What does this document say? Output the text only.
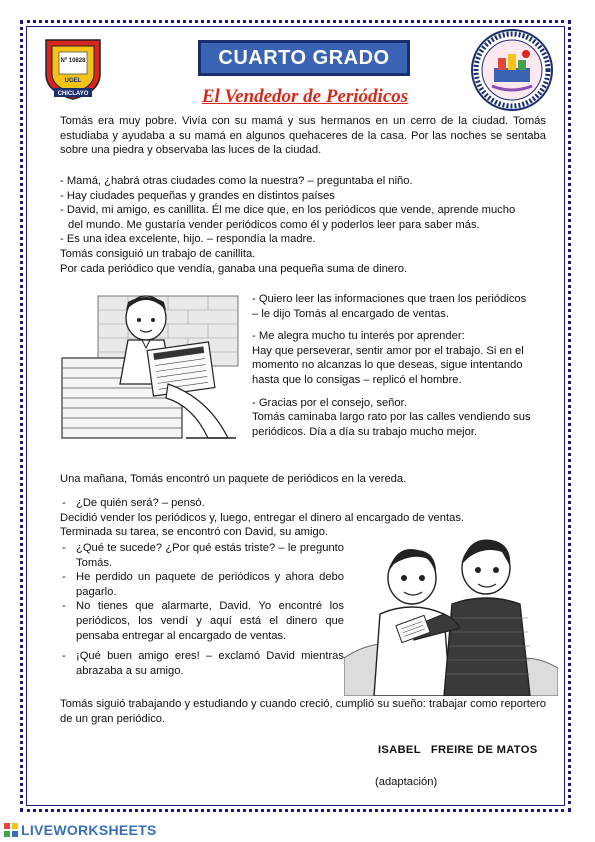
Nº 10828
UGEL
CHICLAYO
CUARTO GRADO
El Vendedor de Periódicos
Tomás era muy pobre. Vivía con su mamá y sus hermanos en un cerro de la ciudad. Tomás estudiaba y ayudaba a su mamá en algunos quehaceres de la casa. Por las noches se sentaba sobre una piedra y observaba las luces de la ciudad.
- Mamá, ¿habrá otras ciudades como la nuestra? – preguntaba el niño.
- Hay ciudades pequeñas y grandes en distintos países
- David, mi amigo, es canillita. Él me dice que, en los periódicos que vende, aprende mucho
del mundo. Me gustaría vender periódicos como él y poderlos leer para saber más.
- Es una idea excelente, hijo. – respondía la madre.
Tomás consiguió un trabajo de canillita.
Por cada periódico que vendía, ganaba una pequeña suma de dinero.
- Quiero leer las informaciones que traen los periódicos
– le dijo Tomás al encargado de ventas.
- Me alegra mucho tu interés por aprender:
Hay que perseverar, sentir amor por el trabajo. Si en el momento no alcanzas lo que deseas, sigue intentando hasta que lo consigas – replicó el hombre.
- Gracias por el consejo, señor.
Tomás caminaba largo rato por las calles vendiendo sus periódicos. Día a día su trabajo mucho mejor.
Una mañana, Tomás encontró un paquete de periódicos en la vereda.
- ¿De quién será? – pensó.
Decidió vender los periódicos y, luego, entregar el dinero al encargado de ventas.
Terminada su tarea, se encontró con David, su amigo.
- ¿Qué te sucede? ¿Por qué estás triste? – le pregunto Tomás.
- He perdido un paquete de periódicos y ahora debo pagarlo.
- No tienes que alarmarte, David. Yo encontré los periódicos, los vendí y aquí está el dinero que pensaba entregar al encargado de ventas.
- ¡Qué buen amigo eres! – exclamó David mientras abrazaba a su amigo.
Tomás siguió trabajando y estudiando y cuando creció, cumplió su sueño: trabajar como reportero de un gran periódico.
ISABEL   FREIRE DE MATOS
(adaptación)
LIVEWORKSHEETS
